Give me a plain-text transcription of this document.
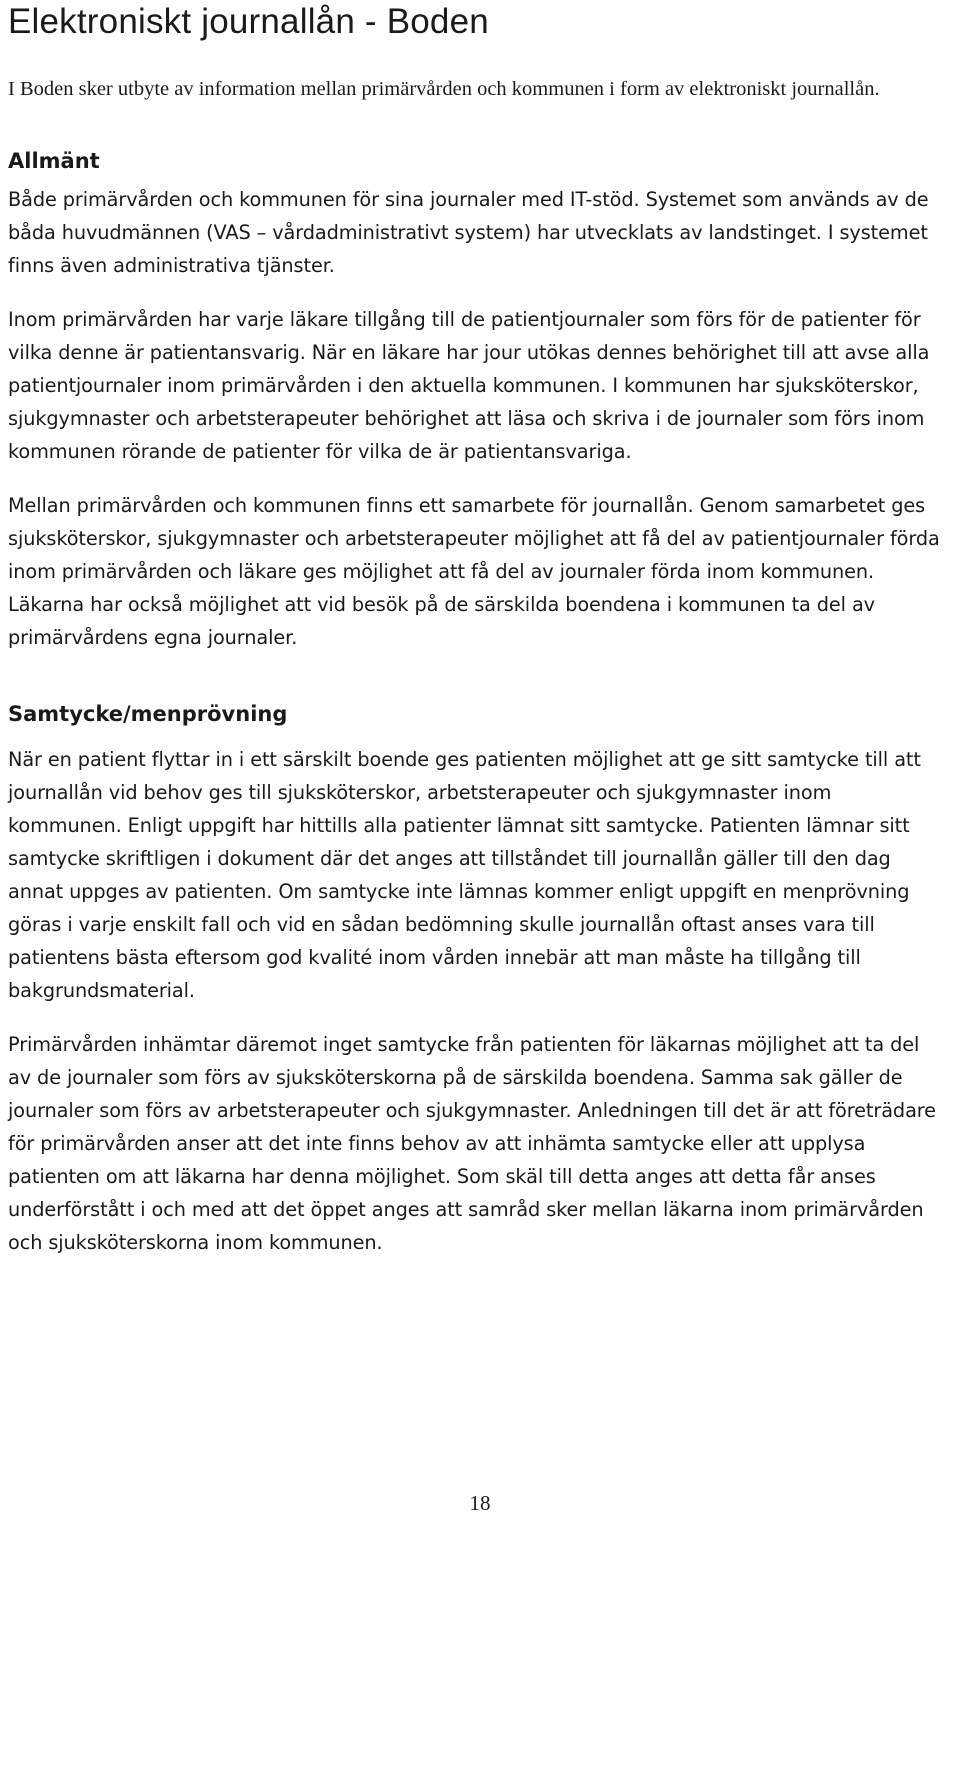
Elektroniskt journallån - Boden

I Boden sker utbyte av information mellan primärvården och kommunen i form av elektroniskt journallån.

Allmänt

Både primärvården och kommunen för sina journaler med IT-stöd. Systemet som används av de båda huvudmännen (VAS – vårdadministrativt system) har utvecklats av landstinget. I systemet finns även administrativa tjänster.

Inom primärvården har varje läkare tillgång till de patientjournaler som förs för de patienter för vilka denne är patientansvarig. När en läkare har jour utökas dennes behörighet till att avse alla patientjournaler inom primärvården i den aktuella kommunen. I kommunen har sjuksköterskor, sjukgymnaster och arbetsterapeuter behörighet att läsa och skriva i de journaler som förs inom kommunen rörande de patienter för vilka de är patientansvariga.

Mellan primärvården och kommunen finns ett samarbete för journallån. Genom samarbetet ges sjuksköterskor, sjukgymnaster och arbetsterapeuter möjlighet att få del av patientjournaler förda inom primärvården och läkare ges möjlighet att få del av journaler förda inom kommunen. Läkarna har också möjlighet att vid besök på de särskilda boendena i kommunen ta del av primärvårdens egna journaler.

Samtycke/menprövning

När en patient flyttar in i ett särskilt boende ges patienten möjlighet att ge sitt samtycke till att journallån vid behov ges till sjuksköterskor, arbetsterapeuter och sjukgymnaster inom kommunen. Enligt uppgift har hittills alla patienter lämnat sitt samtycke. Patienten lämnar sitt samtycke skriftligen i dokument där det anges att tillståndet till journallån gäller till den dag annat uppges av patienten. Om samtycke inte lämnas kommer enligt uppgift en menprövning göras i varje enskilt fall och vid en sådan bedömning skulle journallån oftast anses vara till patientens bästa eftersom god kvalité inom vården innebär att man måste ha tillgång till bakgrundsmaterial.

Primärvården inhämtar däremot inget samtycke från patienten för läkarnas möjlighet att ta del av de journaler som förs av sjuksköterskorna på de särskilda boendena. Samma sak gäller de journaler som förs av arbetsterapeuter och sjukgymnaster. Anledningen till det är att företrädare för primärvården anser att det inte finns behov av att inhämta samtycke eller att upplysa patienten om att läkarna har denna möjlighet. Som skäl till detta anges att detta får anses underförstått i och med att det öppet anges att samråd sker mellan läkarna inom primärvården och sjuksköterskorna inom kommunen.

18
